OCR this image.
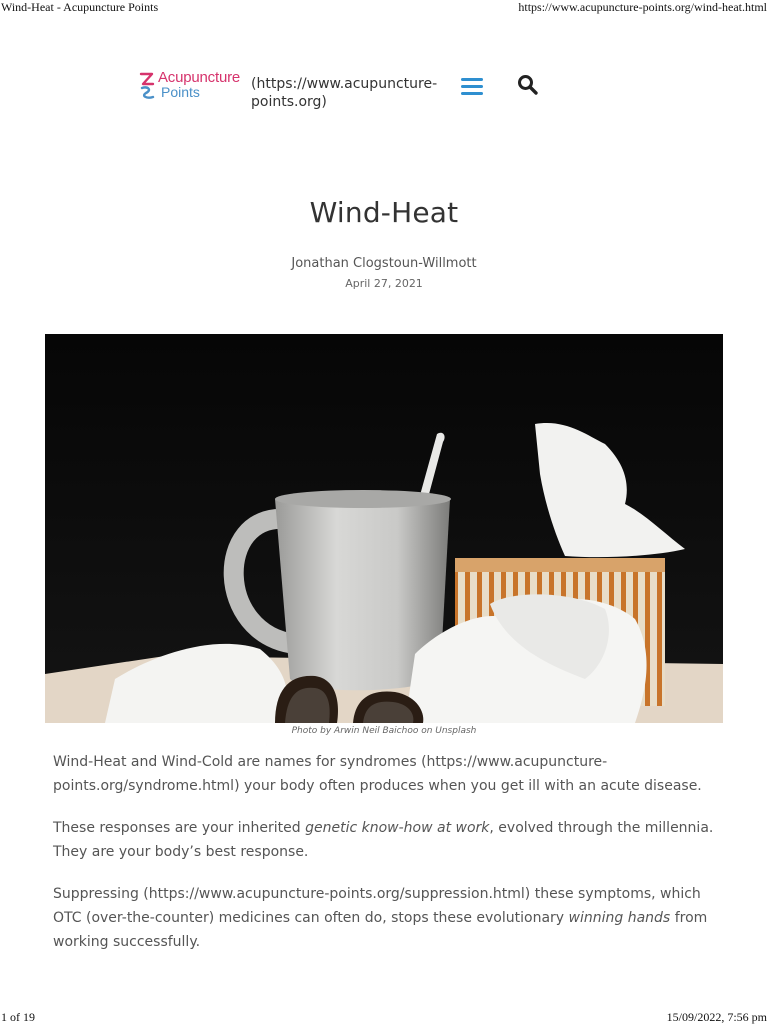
Wind-Heat - Acupuncture Points	https://www.acupuncture-points.org/wind-heat.html
Acupuncture
Points	(https://www.acupuncture-points.org)
Wind-Heat
Jonathan Clogstoun-Willmott
April 27, 2021
Photo by Arwin Neil Baichoo on Unsplash

Wind-Heat and Wind-Cold are names for syndromes (https://www.acupuncture-points.org/syndrome.html) your body often produces when you get ill with an acute disease.

These responses are your inherited genetic know-how at work, evolved through the millennia. They are your body’s best response.

Suppressing (https://www.acupuncture-points.org/suppression.html) these symptoms, which OTC (over-the-counter) medicines can often do, stops these evolutionary winning hands from working successfully.

1 of 19	15/09/2022, 7:56 pm
